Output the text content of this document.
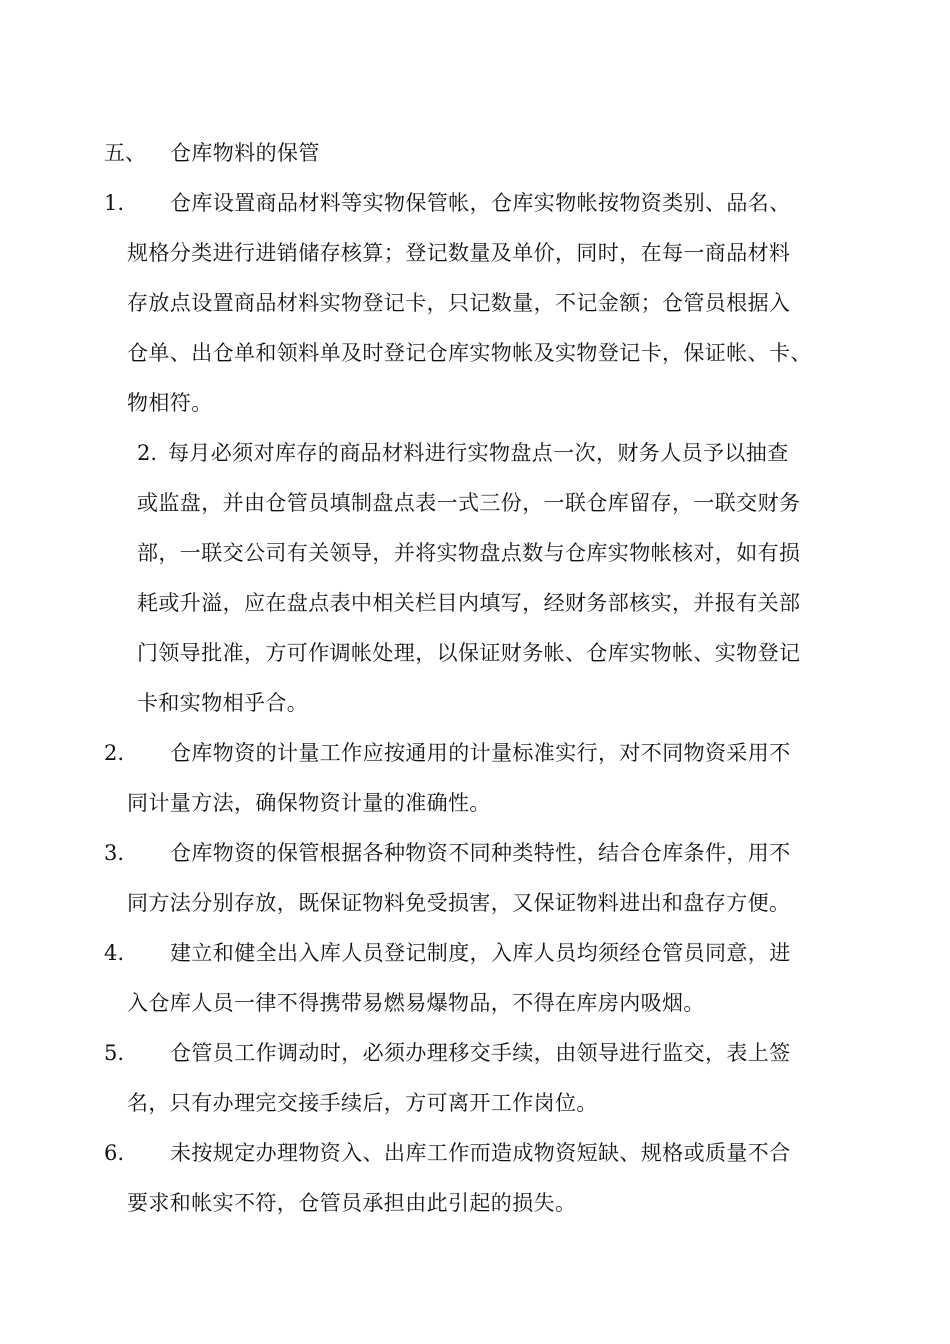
五、 仓库物料的保管
1. 仓库设置商品材料等实物保管帐，仓库实物帐按物资类别、品名、
规格分类进行进销储存核算；登记数量及单价，同时，在每一商品材料
存放点设置商品材料实物登记卡，只记数量，不记金额；仓管员根据入
仓单、出仓单和领料单及时登记仓库实物帐及实物登记卡，保证帐、卡、
物相符。
2. 每月必须对库存的商品材料进行实物盘点一次，财务人员予以抽查
或监盘，并由仓管员填制盘点表一式三份，一联仓库留存，一联交财务
部，一联交公司有关领导，并将实物盘点数与仓库实物帐核对，如有损
耗或升溢，应在盘点表中相关栏目内填写，经财务部核实，并报有关部
门领导批准，方可作调帐处理，以保证财务帐、仓库实物帐、实物登记
卡和实物相乎合。
2. 仓库物资的计量工作应按通用的计量标准实行，对不同物资采用不
同计量方法，确保物资计量的准确性。
3. 仓库物资的保管根据各种物资不同种类特性，结合仓库条件，用不
同方法分别存放，既保证物料免受损害，又保证物料进出和盘存方便。
4. 建立和健全出入库人员登记制度，入库人员均须经仓管员同意，进
入仓库人员一律不得携带易燃易爆物品，不得在库房内吸烟。
5. 仓管员工作调动时，必须办理移交手续，由领导进行监交，表上签
名，只有办理完交接手续后，方可离开工作岗位。
6. 未按规定办理物资入、出库工作而造成物资短缺、规格或质量不合
要求和帐实不符，仓管员承担由此引起的损失。
